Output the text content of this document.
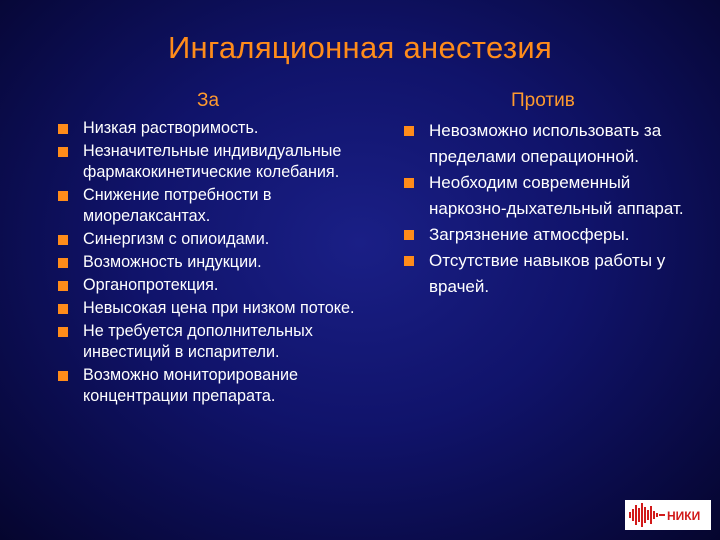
Ингаляционная анестезия
За	Против
Низкая растворимость.
Незначительные индивидуальные фармакокинетические колебания.
Снижение потребности в миорелаксантах.
Синергизм с опиоидами.
Возможность индукции.
Органопротекция.
Невысокая цена при низком потоке.
Не требуется дополнительных инвестиций в испарители.
Возможно мониторирование концентрации препарата.
Невозможно использовать за пределами операционной.
Необходим современный наркозно-дыхательный аппарат.
Загрязнение атмосферы.
Отсутствие навыков работы у врачей.
НИКИ
